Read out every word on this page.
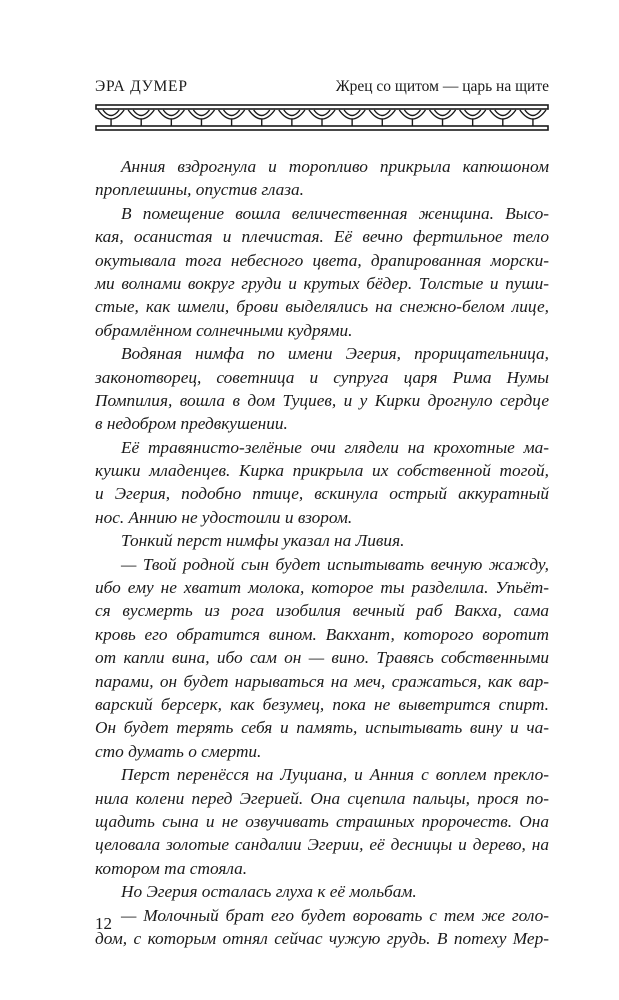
ЭРА ДУМЕР	Жрец со щитом — царь на щите
Анния вздрогнула и торопливо прикрыла капюшоном
проплешины, опустив глаза.
В помещение вошла величественная женщина. Высо-
кая, осанистая и плечистая. Её вечно фертильное тело
окутывала тога небесного цвета, драпированная морски-
ми волнами вокруг груди и крутых бёдер. Толстые и пуши-
стые, как шмели, брови выделялись на снежно-белом лице,
обрамлённом солнечными кудрями.
Водяная нимфа по имени Эгерия, прорицательница,
законотворец, советница и супруга царя Рима Нумы
Помпилия, вошла в дом Туциев, и у Кирки дрогнуло сердце
в недобром предвкушении.
Её травянисто-зелёные очи глядели на крохотные ма-
кушки младенцев. Кирка прикрыла их собственной тогой,
и Эгерия, подобно птице, вскинула острый аккуратный
нос. Аннию не удостоили и взором.
Тонкий перст нимфы указал на Ливия.
— Твой родной сын будет испытывать вечную жажду,
ибо ему не хватит молока, которое ты разделила. Упьёт-
ся вусмерть из рога изобилия вечный раб Вакха, сама
кровь его обратится вином. Вакхант, которого воротит
от капли вина, ибо сам он — вино. Травясь собственными
парами, он будет нарываться на меч, сражаться, как вар-
варский берсерк, как безумец, пока не выветрится спирт.
Он будет терять себя и память, испытывать вину и ча-
сто думать о смерти.
Перст перенёсся на Луциана, и Анния с воплем прекло-
нила колени перед Эгерией. Она сцепила пальцы, прося по-
щадить сына и не озвучивать страшных пророчеств. Она
целовала золотые сандалии Эгерии, её десницы и дерево, на
котором та стояла.
Но Эгерия осталась глуха к её мольбам.
— Молочный брат его будет воровать с тем же голо-
дом, с которым отнял сейчас чужую грудь. В потеху Мер-
12
